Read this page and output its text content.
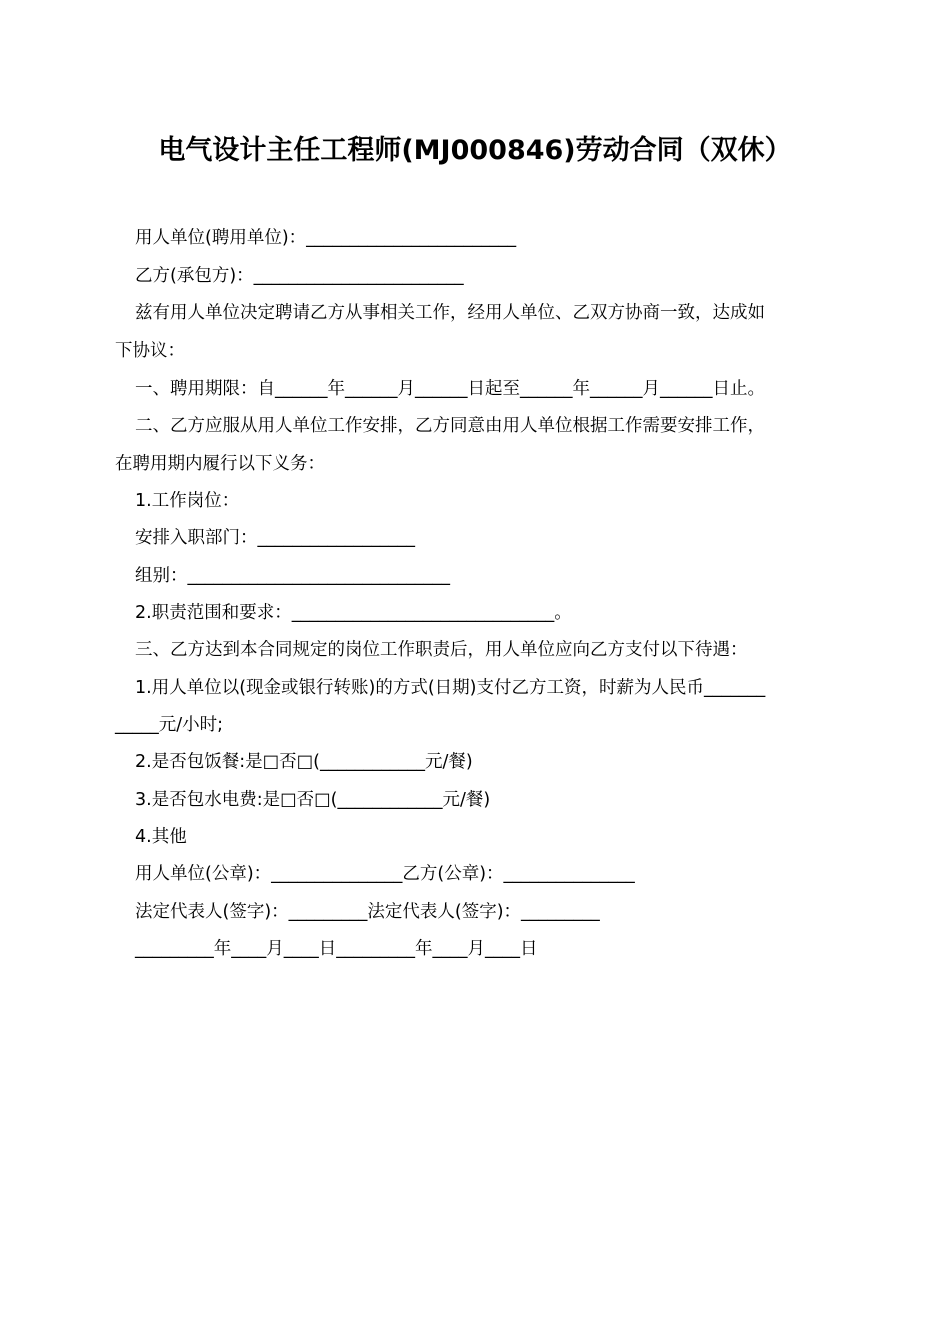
电气设计主任工程师(MJ000846)劳动合同（双休）
用人单位(聘用单位)：________________________
乙方(承包方)：________________________
兹有用人单位决定聘请乙方从事相关工作，经用人单位、乙双方协商一致，达成如
下协议：
一、聘用期限：自______年______月______日起至______年______月______日止。
二、乙方应服从用人单位工作安排，乙方同意由用人单位根据工作需要安排工作，
在聘用期内履行以下义务：
1.工作岗位：
安排入职部门：__________________
组别：______________________________
2.职责范围和要求：______________________________。
三、乙方达到本合同规定的岗位工作职责后，用人单位应向乙方支付以下待遇：
1.用人单位以(现金或银行转账)的方式(日期)支付乙方工资，时薪为人民币_______
_____元/小时;
2.是否包饭餐:是□否□(____________元/餐)
3.是否包水电费:是□否□(____________元/餐)
4.其他
用人单位(公章)：_______________乙方(公章)：_______________
法定代表人(签字)：_________法定代表人(签字)：_________
_________年____月____日_________年____月____日
